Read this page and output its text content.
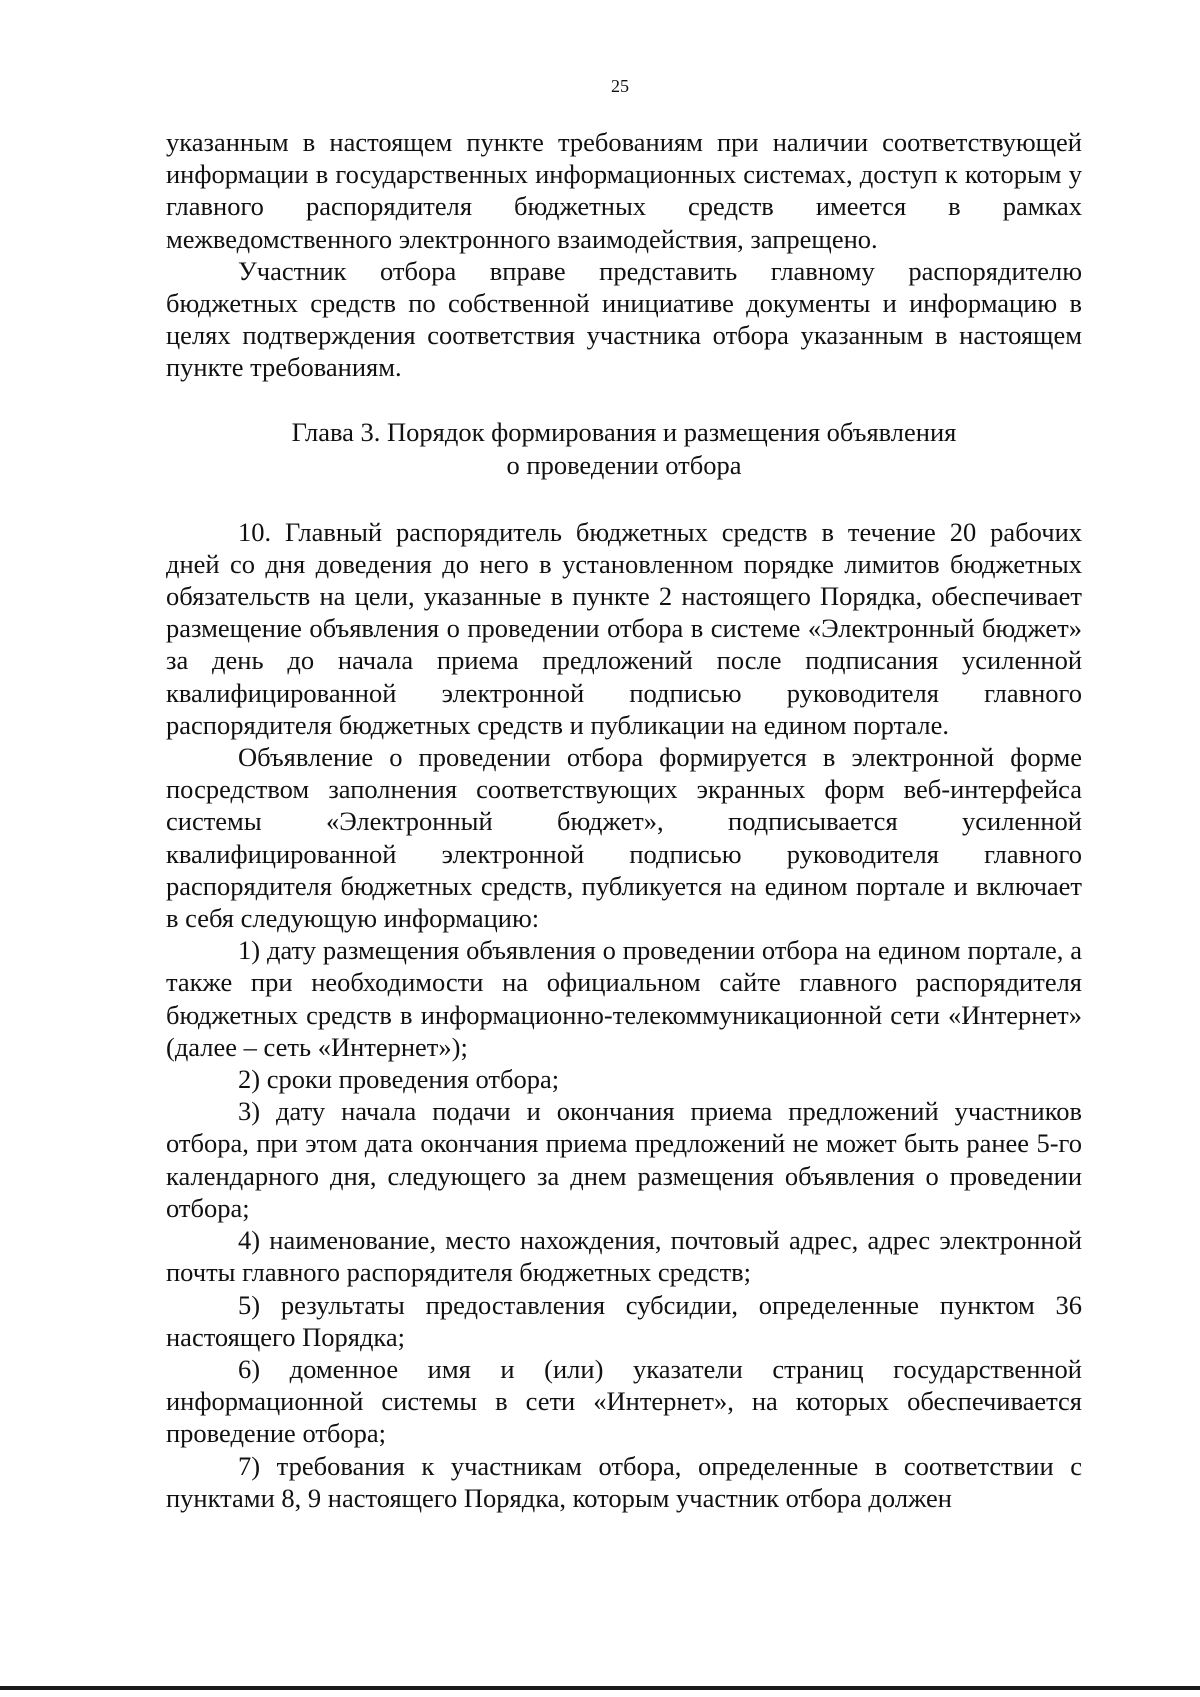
25

указанным в настоящем пункте требованиям при наличии соответствующей информации в государственных информационных системах, доступ к которым у главного распорядителя бюджетных средств имеется в рамках межведомственного электронного взаимодействия, запрещено.

Участник отбора вправе представить главному распорядителю бюджетных средств по собственной инициативе документы и информацию в целях подтверждения соответствия участника отбора указанным в настоящем пункте требованиям.

Глава 3. Порядок формирования и размещения объявления
о проведении отбора

10. Главный распорядитель бюджетных средств в течение 20 рабочих дней со дня доведения до него в установленном порядке лимитов бюджетных обязательств на цели, указанные в пункте 2 настоящего Порядка, обеспечивает размещение объявления о проведении отбора в системе «Электронный бюджет» за день до начала приема предложений после подписания усиленной квалифицированной электронной подписью руководителя главного распорядителя бюджетных средств и публикации на едином портале.

Объявление о проведении отбора формируется в электронной форме посредством заполнения соответствующих экранных форм веб-интерфейса системы «Электронный бюджет», подписывается усиленной квалифицированной электронной подписью руководителя главного распорядителя бюджетных средств, публикуется на едином портале и включает в себя следующую информацию:

1) дату размещения объявления о проведении отбора на едином портале, а также при необходимости на официальном сайте главного распорядителя бюджетных средств в информационно-телекоммуникационной сети «Интернет» (далее – сеть «Интернет»);

2) сроки проведения отбора;

3) дату начала подачи и окончания приема предложений участников отбора, при этом дата окончания приема предложений не может быть ранее 5-го календарного дня, следующего за днем размещения объявления о проведении отбора;

4) наименование, место нахождения, почтовый адрес, адрес электронной почты главного распорядителя бюджетных средств;

5) результаты предоставления субсидии, определенные пунктом 36 настоящего Порядка;

6) доменное имя и (или) указатели страниц государственной информационной системы в сети «Интернет», на которых обеспечивается проведение отбора;

7) требования к участникам отбора, определенные в соответствии с пунктами 8, 9 настоящего Порядка, которым участник отбора должен
